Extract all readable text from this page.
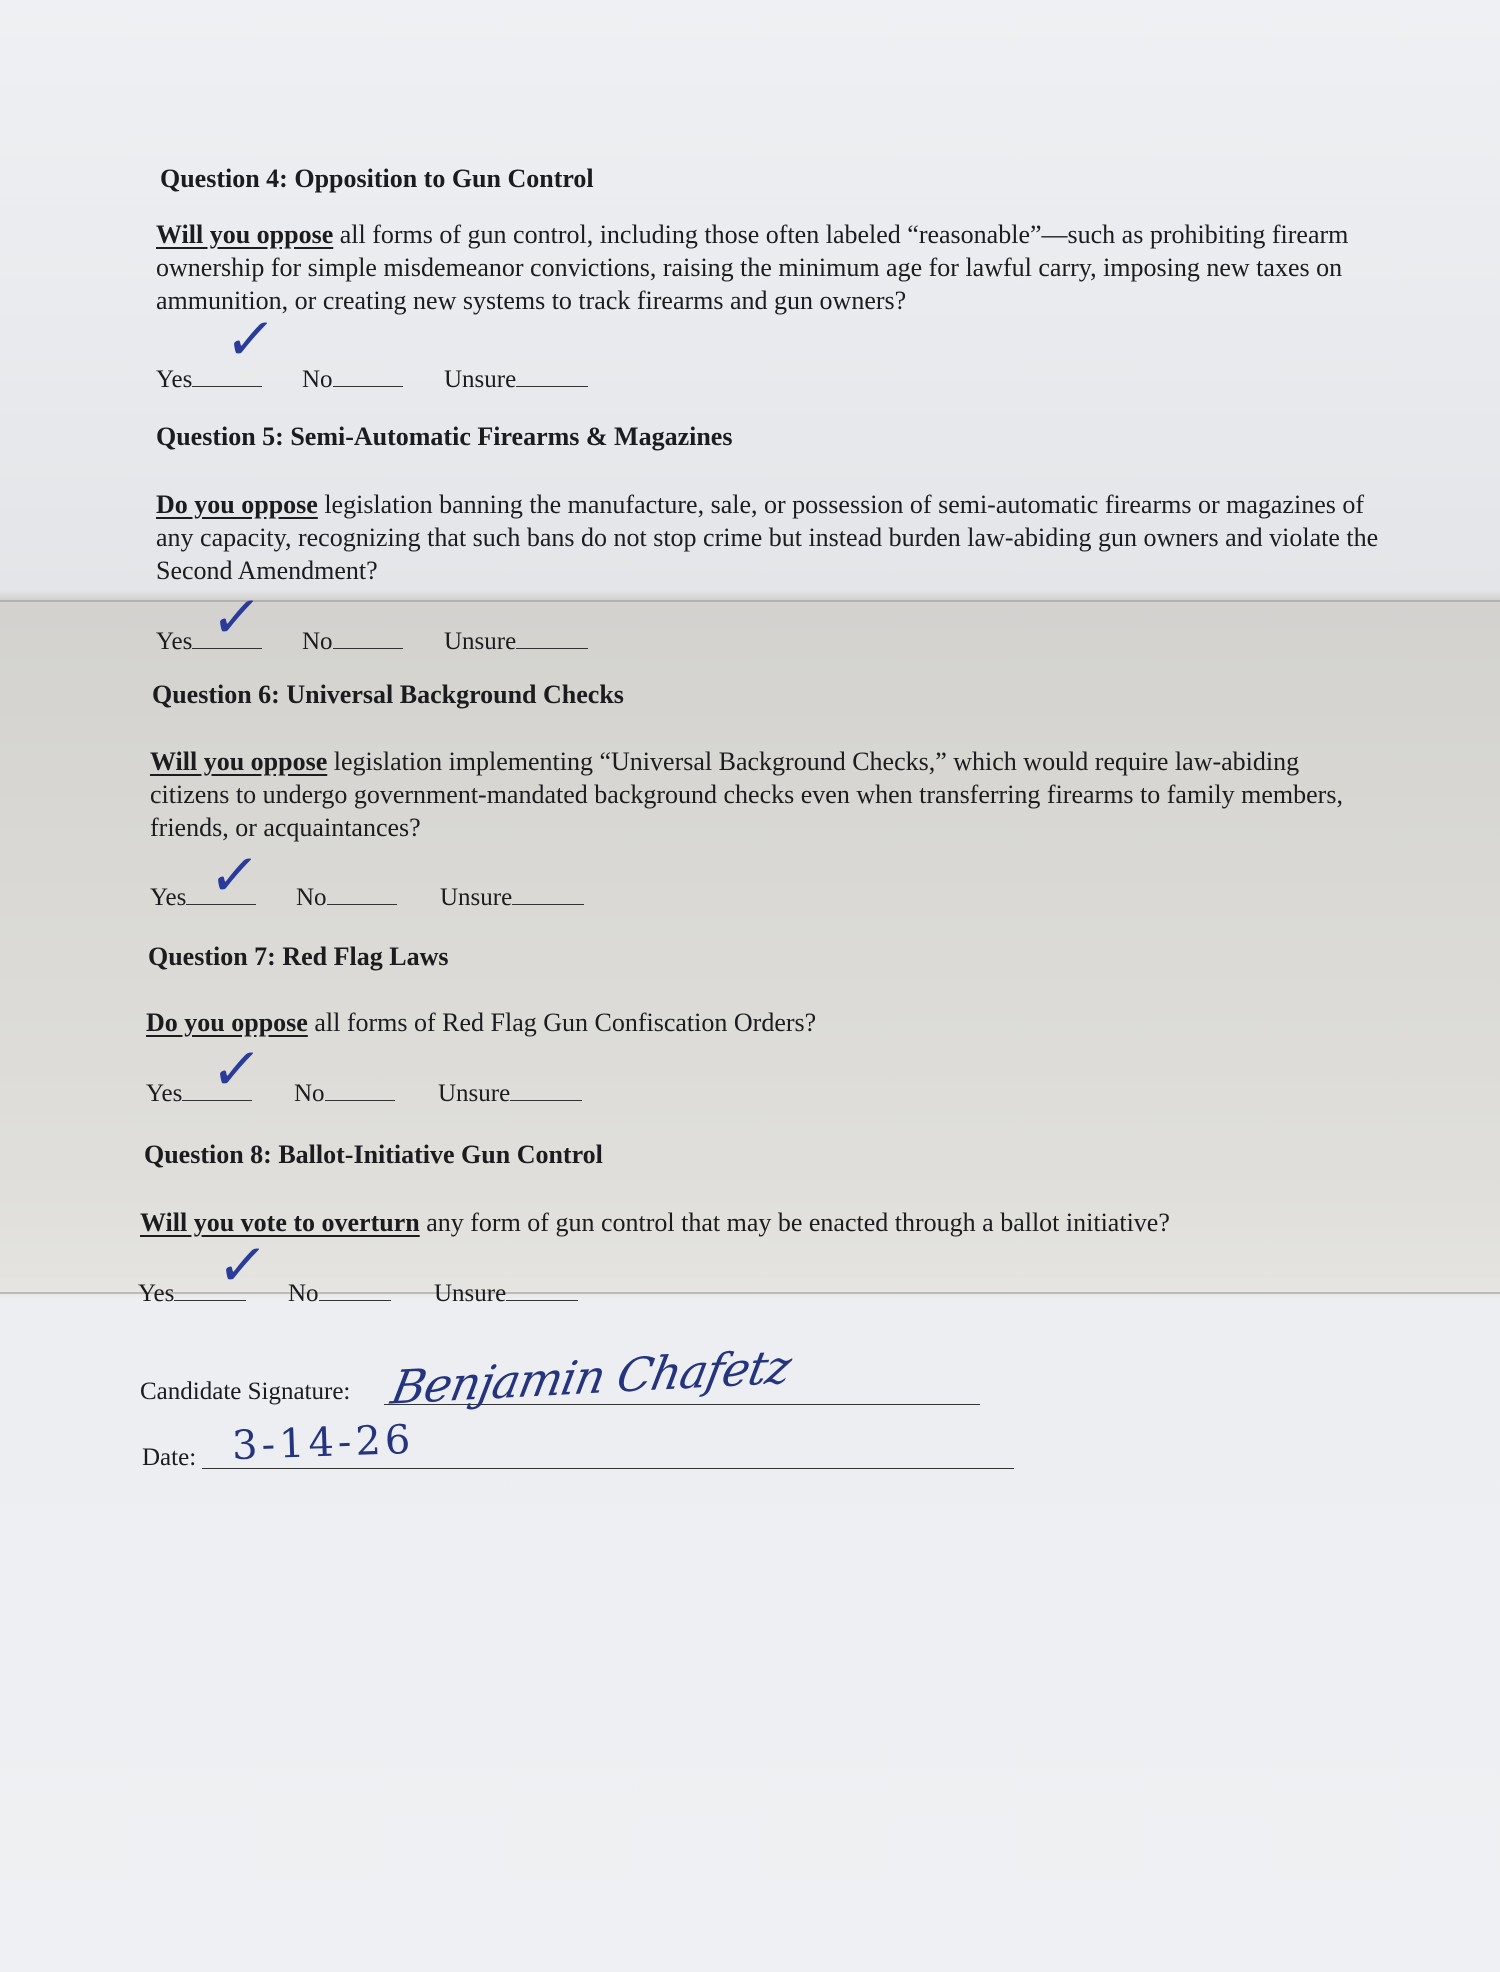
Question 4: Opposition to Gun Control
Will you oppose all forms of gun control, including those often labeled “reasonable”—such as prohibiting firearm ownership for simple misdemeanor convictions, raising the minimum age for lawful carry, imposing new taxes on ammunition, or creating new systems to track firearms and gun owners?
Yes	No	Unsure
✓
Question 5: Semi-Automatic Firearms & Magazines
Do you oppose legislation banning the manufacture, sale, or possession of semi-automatic firearms or magazines of any capacity, recognizing that such bans do not stop crime but instead burden law-abiding gun owners and violate the Second Amendment?
Yes	No	Unsure
✓
Question 6: Universal Background Checks
Will you oppose legislation implementing “Universal Background Checks,” which would require law-abiding citizens to undergo government-mandated background checks even when transferring firearms to family members, friends, or acquaintances?
Yes	No	Unsure
✓
Question 7: Red Flag Laws
Do you oppose all forms of Red Flag Gun Confiscation Orders?
Yes	No	Unsure
✓
Question 8: Ballot-Initiative Gun Control
Will you vote to overturn any form of gun control that may be enacted through a ballot initiative?
Yes	No	Unsure
✓
Candidate Signature: Benjamin Chafetz
Date: 3-14-26
